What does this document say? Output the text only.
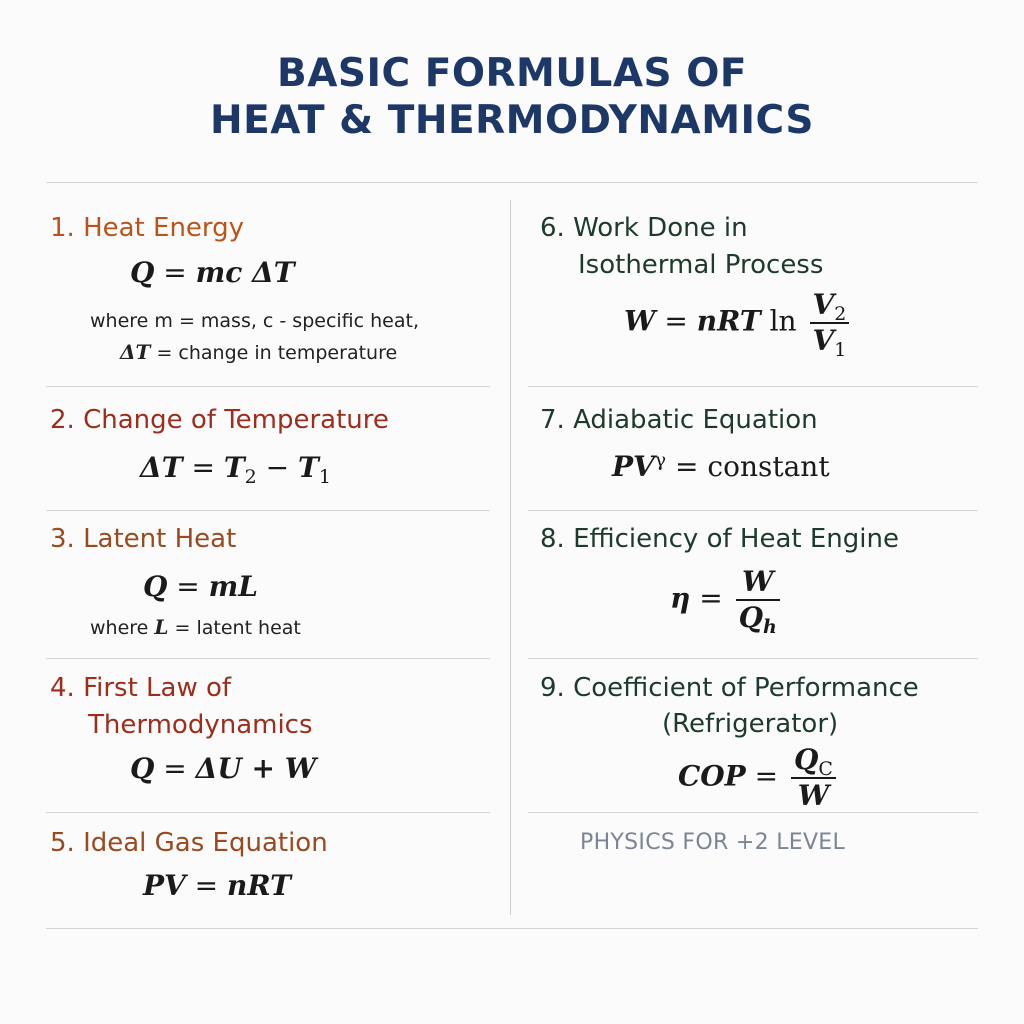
BASIC FORMULAS OF
HEAT & THERMODYNAMICS
1. Heat Energy
Q = mc ΔT
where m = mass, c - specific heat,
ΔT = change in temperature
2. Change of Temperature
$\Delta T = T_2 - T_1$
3. Latent Heat
Q = mL
where L = latent heat
4. First Law of
Thermodynamics
Q = ΔU + W
5. Ideal Gas Equation
PV = nRT
6. Work Done in
Isothermal Process
W = nRT $\ln \frac{V_2}{V_1}$
7. Adiabatic Equation
$PV^\gamma$ = constant
8. Efficiency of Heat Engine
$\eta = \frac{W}{Q_h}$
9. Coefficient of Performance
(Refrigerator)
COP = $\frac{Q_C}{W}$
PHYSICS FOR +2 LEVEL
